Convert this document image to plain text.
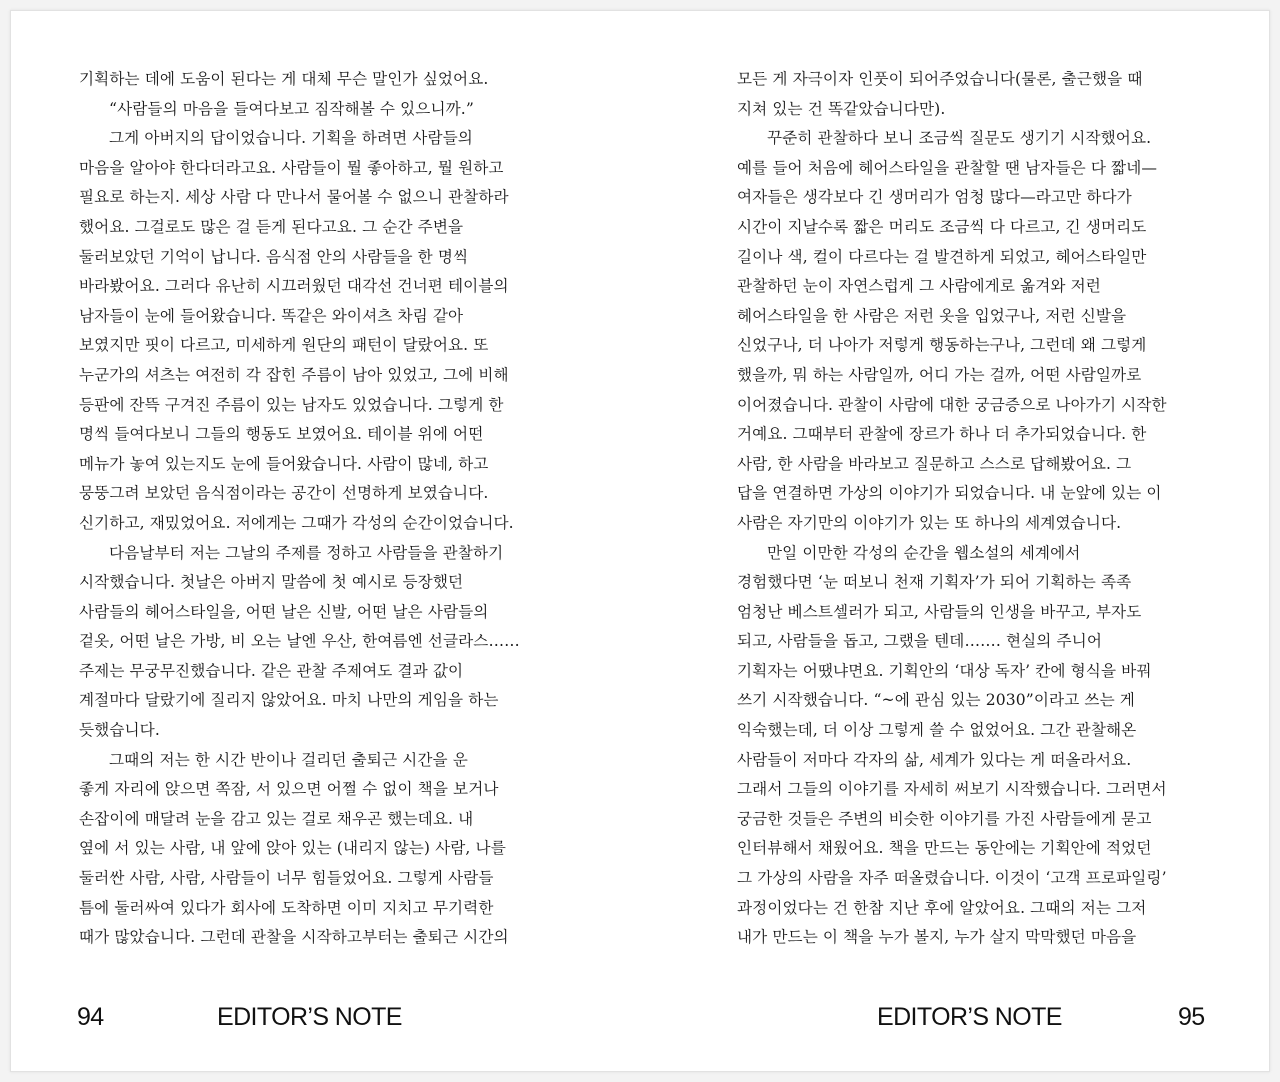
기획하는 데에 도움이 된다는 게 대체 무슨 말인가 싶었어요.
“사람들의 마음을 들여다보고 짐작해볼 수 있으니까.”
그게 아버지의 답이었습니다. 기획을 하려면 사람들의
마음을 알아야 한다더라고요. 사람들이 뭘 좋아하고, 뭘 원하고
필요로 하는지. 세상 사람 다 만나서 물어볼 수 없으니 관찰하라
했어요. 그걸로도 많은 걸 듣게 된다고요. 그 순간 주변을
둘러보았던 기억이 납니다. 음식점 안의 사람들을 한 명씩
바라봤어요. 그러다 유난히 시끄러웠던 대각선 건너편 테이블의
남자들이 눈에 들어왔습니다. 똑같은 와이셔츠 차림 같아
보였지만 핏이 다르고, 미세하게 원단의 패턴이 달랐어요. 또
누군가의 셔츠는 여전히 각 잡힌 주름이 남아 있었고, 그에 비해
등판에 잔뜩 구겨진 주름이 있는 남자도 있었습니다. 그렇게 한
명씩 들여다보니 그들의 행동도 보였어요. 테이블 위에 어떤
메뉴가 놓여 있는지도 눈에 들어왔습니다. 사람이 많네, 하고
뭉뚱그려 보았던 음식점이라는 공간이 선명하게 보였습니다.
신기하고, 재밌었어요. 저에게는 그때가 각성의 순간이었습니다.
다음날부터 저는 그날의 주제를 정하고 사람들을 관찰하기
시작했습니다. 첫날은 아버지 말씀에 첫 예시로 등장했던
사람들의 헤어스타일을, 어떤 날은 신발, 어떤 날은 사람들의
겉옷, 어떤 날은 가방, 비 오는 날엔 우산, 한여름엔 선글라스……
주제는 무궁무진했습니다. 같은 관찰 주제여도 결과 값이
계절마다 달랐기에 질리지 않았어요. 마치 나만의 게임을 하는
듯했습니다.
그때의 저는 한 시간 반이나 걸리던 출퇴근 시간을 운
좋게 자리에 앉으면 쪽잠, 서 있으면 어쩔 수 없이 책을 보거나
손잡이에 매달려 눈을 감고 있는 걸로 채우곤 했는데요. 내
옆에 서 있는 사람, 내 앞에 앉아 있는 (내리지 않는) 사람, 나를
둘러싼 사람, 사람, 사람들이 너무 힘들었어요. 그렇게 사람들
틈에 둘러싸여 있다가 회사에 도착하면 이미 지치고 무기력한
때가 많았습니다. 그런데 관찰을 시작하고부터는 출퇴근 시간의
94	EDITOR’S NOTE
모든 게 자극이자 인풋이 되어주었습니다(물론, 출근했을 때
지쳐 있는 건 똑같았습니다만).
꾸준히 관찰하다 보니 조금씩 질문도 생기기 시작했어요.
예를 들어 처음에 헤어스타일을 관찰할 땐 남자들은 다 짧네—
여자들은 생각보다 긴 생머리가 엄청 많다—라고만 하다가
시간이 지날수록 짧은 머리도 조금씩 다 다르고, 긴 생머리도
길이나 색, 컬이 다르다는 걸 발견하게 되었고, 헤어스타일만
관찰하던 눈이 자연스럽게 그 사람에게로 옮겨와 저런
헤어스타일을 한 사람은 저런 옷을 입었구나, 저런 신발을
신었구나, 더 나아가 저렇게 행동하는구나, 그런데 왜 그렇게
했을까, 뭐 하는 사람일까, 어디 가는 걸까, 어떤 사람일까로
이어졌습니다. 관찰이 사람에 대한 궁금증으로 나아가기 시작한
거예요. 그때부터 관찰에 장르가 하나 더 추가되었습니다. 한
사람, 한 사람을 바라보고 질문하고 스스로 답해봤어요. 그
답을 연결하면 가상의 이야기가 되었습니다. 내 눈앞에 있는 이
사람은 자기만의 이야기가 있는 또 하나의 세계였습니다.
만일 이만한 각성의 순간을 웹소설의 세계에서
경험했다면 ‘눈 떠보니 천재 기획자’가 되어 기획하는 족족
엄청난 베스트셀러가 되고, 사람들의 인생을 바꾸고, 부자도
되고, 사람들을 돕고, 그랬을 텐데……. 현실의 주니어
기획자는 어땠냐면요. 기획안의 ‘대상 독자’ 칸에 형식을 바꿔
쓰기 시작했습니다. “~에 관심 있는 2030”이라고 쓰는 게
익숙했는데, 더 이상 그렇게 쓸 수 없었어요. 그간 관찰해온
사람들이 저마다 각자의 삶, 세계가 있다는 게 떠올라서요.
그래서 그들의 이야기를 자세히 써보기 시작했습니다. 그러면서
궁금한 것들은 주변의 비슷한 이야기를 가진 사람들에게 묻고
인터뷰해서 채웠어요. 책을 만드는 동안에는 기획안에 적었던
그 가상의 사람을 자주 떠올렸습니다. 이것이 ‘고객 프로파일링’
과정이었다는 건 한참 지난 후에 알았어요. 그때의 저는 그저
내가 만드는 이 책을 누가 볼지, 누가 살지 막막했던 마음을
EDITOR’S NOTE	95
